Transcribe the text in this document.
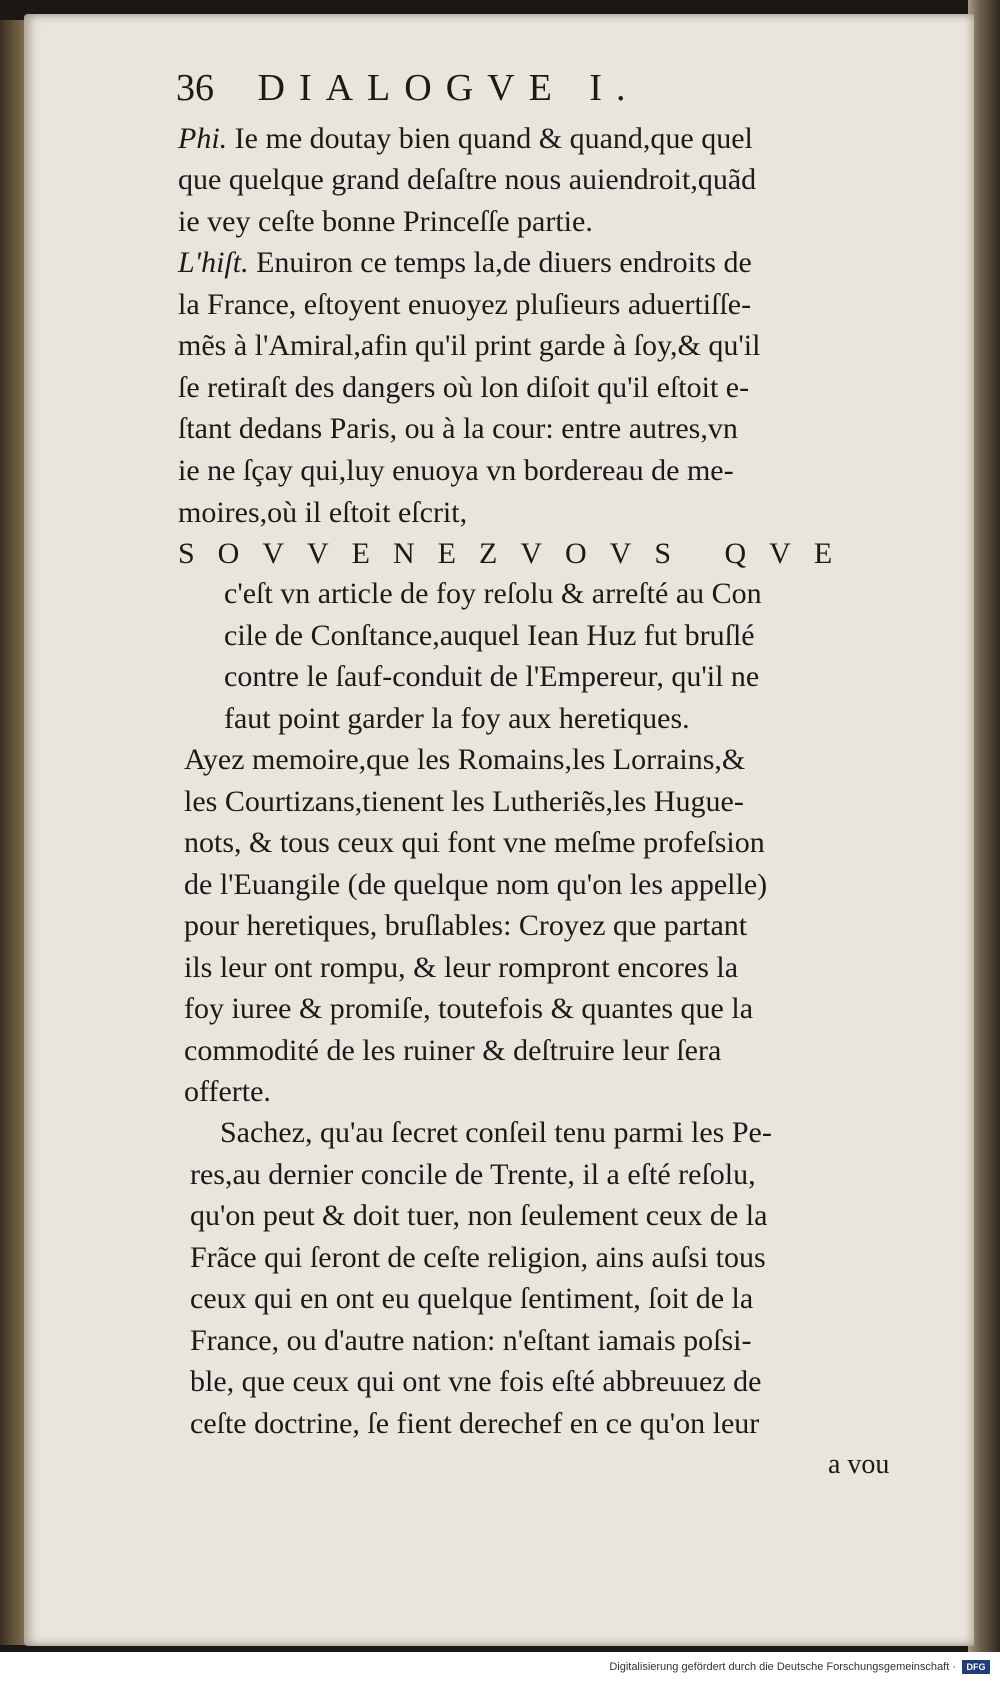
36 DIALOGVE I.
Phi. Ie me doutay bien quand & quand,que quel
que quelque grand deſaſtre nous auiendroit,quãd
ie vey ceſte bonne Princeſſe partie.
L'hiſt. Enuiron ce temps la,de diuers endroits de
la France, eſtoyent enuoyez pluſieurs aduertiſſe-
mẽs à l'Amiral,afin qu'il print garde à ſoy,& qu'il
ſe retiraſt des dangers où lon diſoit qu'il eſtoit e-
ſtant dedans Paris, ou à la cour: entre autres,vn
ie ne ſçay qui,luy enuoya vn bordereau de me-
moires,où il eſtoit eſcrit,
SOVVENEZVOVS QVE
c'eſt vn article de foy reſolu & arreſté au Con
cile de Conſtance,auquel Iean Huz fut bruſlé
contre le ſauf-conduit de l'Empereur, qu'il ne
faut point garder la foy aux heretiques.
Ayez memoire,que les Romains,les Lorrains,&
les Courtizans,tienent les Lutheriẽs,les Hugue-
nots, & tous ceux qui font vne meſme profeſsion
de l'Euangile (de quelque nom qu'on les appelle)
pour heretiques, bruſlables: Croyez que partant
ils leur ont rompu, & leur rompront encores la
foy iuree & promiſe, toutefois & quantes que la
commodité de les ruiner & deſtruire leur ſera
offerte.
Sachez, qu'au ſecret conſeil tenu parmi les Pe-
res,au dernier concile de Trente, il a eſté reſolu,
qu'on peut & doit tuer, non ſeulement ceux de la
Frãce qui ſeront de ceſte religion, ains auſsi tous
ceux qui en ont eu quelque ſentiment, ſoit de la
France, ou d'autre nation: n'eſtant iamais poſsi-
ble, que ceux qui ont vne fois eſté abbreuuez de
ceſte doctrine, ſe fient derechef en ce qu'on leur
a vou
Digitalisierung gefördert durch die Deutsche Forschungsgemeinschaft ·	DFG
